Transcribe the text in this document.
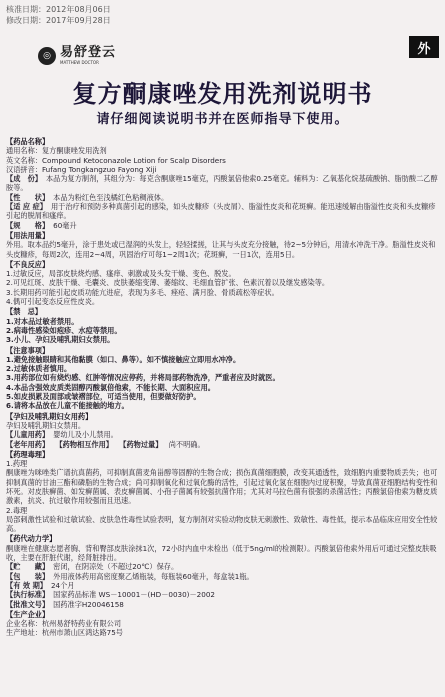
核准日期：2012年08月06日
修改日期：2017年09月28日
◎ 易舒登云
MATTHEW DOCTOR
外
复方酮康唑发用洗剂说明书
请仔细阅读说明书并在医师指导下使用。
【药品名称】
通用名称：复方酮康唑发用洗剂
英文名称：Compound Ketoconazole Lotion for Scalp Disorders
汉语拼音：Fufang Tongkangzuo Fayong Xiji
【成　份】 本品为复方制剂，其组分为：每克含酮康唑15毫克，丙酸氯倍他索0.25毫克。辅料为：乙氧基化烷基硫酸钠、脂肪酸二乙醇胺等。
【性　　状】 本品为粉红色至浅橘红色粘稠液体。
【适 应 症】 用于治疗和预防多种真菌引起的感染，如头皮糠疹（头皮屑）、脂溢性皮炎和花斑癣。能迅速缓解由脂溢性皮炎和头皮糠疹引起的脱屑和瘙痒。
【规　　格】 60毫升
【用法用量】
外用。取本品约5毫升，涂于患处或已湿润的头发上，轻轻揉搓，让其与头皮充分接触，待2~5分钟后，用清水冲洗干净。脂溢性皮炎和头皮糠疹，每周2次，连用2~4周，巩固治疗可每1~2周1次；花斑癣，一日1次，连用5日。
【不良反应】
1.过敏反应，局部皮肤烧灼感、瘙痒、刺激或及头发干燥、变色、脱发。
2.可见红斑、皮肤干燥、毛囊炎、皮肤萎缩变薄、萎缩纹、毛细血管扩张、色素沉着以及继发感染等。
3.长期用药可能引起皮质功能亢进症，表现为多毛、痤疮、满月脸、骨质疏松等症状。
4.偶可引起变态反应性皮炎。
【禁　忌】
1.对本品过敏者禁用。
2.病毒性感染如疱疹、水痘等禁用。
3.小儿、孕妇及哺乳期妇女禁用。
【注意事项】
1.避免接触眼睛和其他黏膜（如口、鼻等）。如不慎接触应立即用水冲净。
2.过敏体质者慎用。
3.用药部位如有烧灼感、红肿等情况应停药，并将局部药物洗净，严重者应及时就医。
4.本品含强效皮质类固醇丙酸氯倍他索，不能长期、大面积应用。
5.如皮损累及面部或皱褶部位，可适当使用，但要做好防护。
6.请将本品放在儿童不能接触的地方。
【孕妇及哺乳期妇女用药】
孕妇及哺乳期妇女禁用。
【儿童用药】 婴幼儿及小儿禁用。
【老年用药】 【药物相互作用】 【药物过量】 尚不明确。
【药理毒理】
1.药理
酮康唑为咪唑类广谱抗真菌药，可抑制真菌麦角甾醇等固醇的生物合成；损伤真菌细胞膜，改变其通透性，致细胞内重要物质丢失；也可抑制真菌的甘油三酯和磷脂的生物合成；尚可抑制氧化和过氧化酶的活性，引起过氧化氢在细胞内过度积聚，导致真菌亚细胞结构变性和坏死。对皮肤癣菌、如发癣菌属、表皮癣菌属、小孢子菌属有较强抗菌作用；尤其对马拉色菌有很强的杀菌活性；丙酸氯倍他索为糖皮质激素，抗炎、抗过敏作用较强而且迅速。
2.毒理
局部刺激性试验和过敏试验、皮肤急性毒性试验表明，复方制剂对实验动物皮肤无刺激性、致敏性、毒性低，提示本品临床应用安全性较高。
【药代动力学】
酮康唑在健康志愿者胸、背和臀部皮肤涂抹1次，72小时内血中未检出（低于5ng/ml的检测限）。丙酸氯倍他索外用后可通过完整皮肤吸收，主要在肝脏代谢，经肾脏排出。
【贮　　藏】 密闭，在阴凉处（不超过20℃）保存。
【包　　装】 外用液体药用高密度聚乙烯瓶装，每瓶装60毫升，每盒装1瓶。
【有 效 期】 24个月
【执行标准】 国家药品标准 WS－10001－(HD－0030)－2002
【批准文号】 国药准字H20046158
【生产企业】
企业名称：杭州易舒特药业有限公司
生产地址：杭州市萧山区鸿达路75号
